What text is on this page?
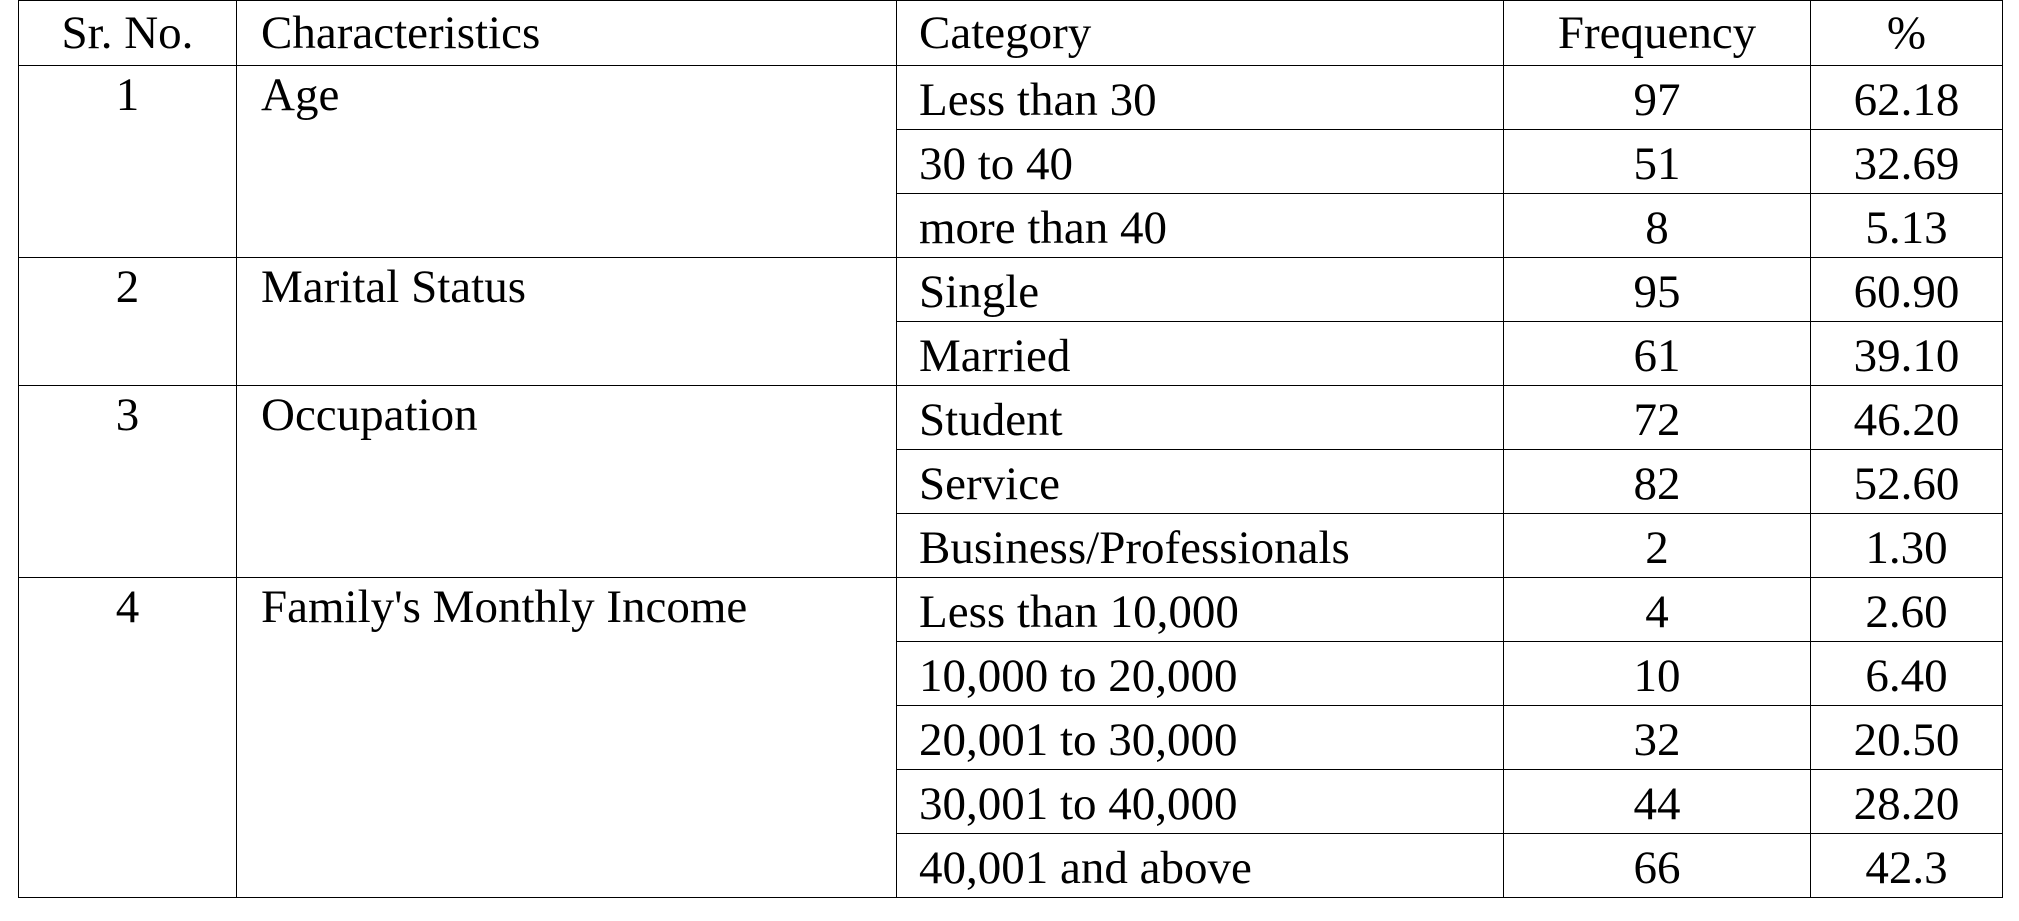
Sr. No.	Characteristics	Category	Frequency	%
1	Age	Less than 30	97	62.18
		30 to 40	51	32.69
		more than 40	8	5.13
2	Marital Status	Single	95	60.90
		Married	61	39.10
3	Occupation	Student	72	46.20
		Service	82	52.60
		Business/Professionals	2	1.30
4	Family's Monthly Income	Less than 10,000	4	2.60
		10,000 to 20,000	10	6.40
		20,001 to 30,000	32	20.50
		30,001 to 40,000	44	28.20
		40,001 and above	66	42.3
